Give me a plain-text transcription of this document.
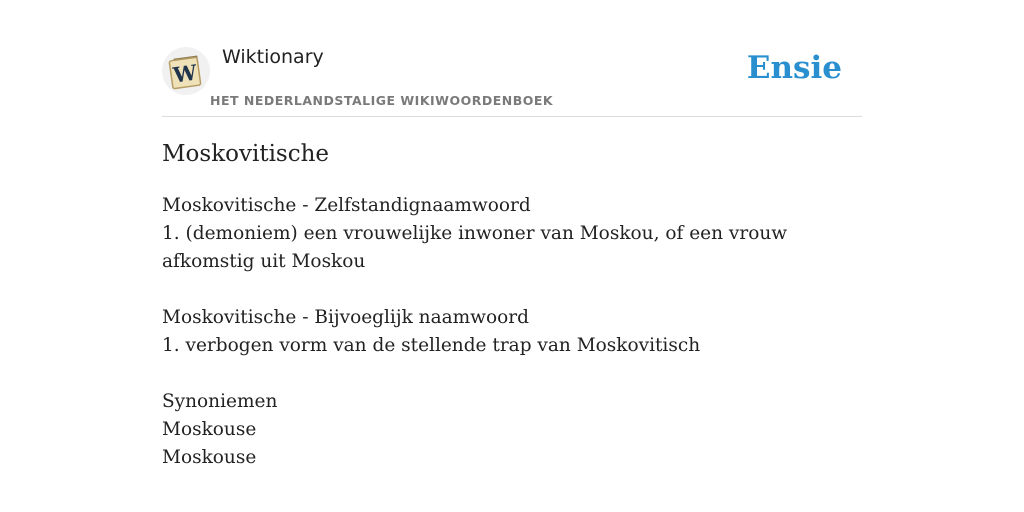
W
Wiktionary
HET NEDERLANDSTALIGE WIKIWOORDENBOEK
Ensie
Moskovitische
Moskovitische - Zelfstandignaamwoord
1. (demoniem) een vrouwelijke inwoner van Moskou, of een vrouw afkomstig uit Moskou
Moskovitische - Bijvoeglijk naamwoord
1. verbogen vorm van de stellende trap van Moskovitisch
Synoniemen
Moskouse
Moskouse
